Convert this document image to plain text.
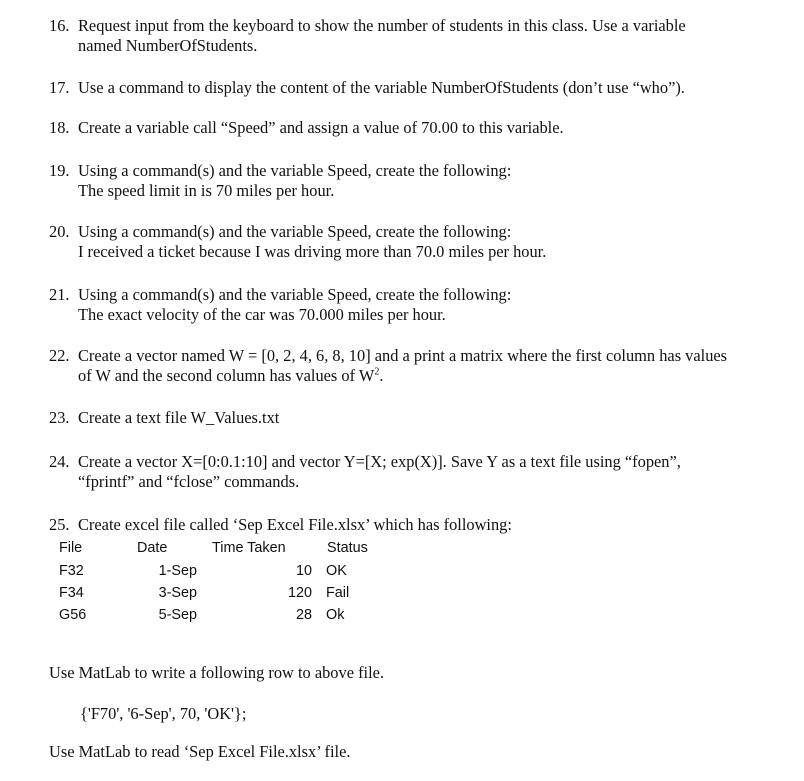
16. Request input from the keyboard to show the number of students in this class. Use a variable
named NumberOfStudents.
17. Use a command to display the content of the variable NumberOfStudents (don’t use “who”).
18. Create a variable call “Speed” and assign a value of 70.00 to this variable.
19. Using a command(s) and the variable Speed, create the following:
The speed limit in is 70 miles per hour.
20. Using a command(s) and the variable Speed, create the following:
I received a ticket because I was driving more than 70.0 miles per hour.
21. Using a command(s) and the variable Speed, create the following:
The exact velocity of the car was 70.000 miles per hour.
22. Create a vector named W = [0, 2, 4, 6, 8, 10] and a print a matrix where the first column has values
of W and the second column has values of $W^2$.
23. Create a text file W_Values.txt
24. Create a vector X=[0:0.1:10] and vector Y=[X; exp(X)]. Save Y as a text file using “fopen”,
“fprintf” and “fclose” commands.
25. Create excel file called ‘Sep Excel File.xlsx’ which has following:
File	Date	Time Taken	Status
F32	1-Sep	10 OK
F34	3-Sep	120 Fail
G56	5-Sep	28 Ok
Use MatLab to write a following row to above file.
{'F70', '6-Sep', 70, 'OK'};
Use MatLab to read ‘Sep Excel File.xlsx’ file.
